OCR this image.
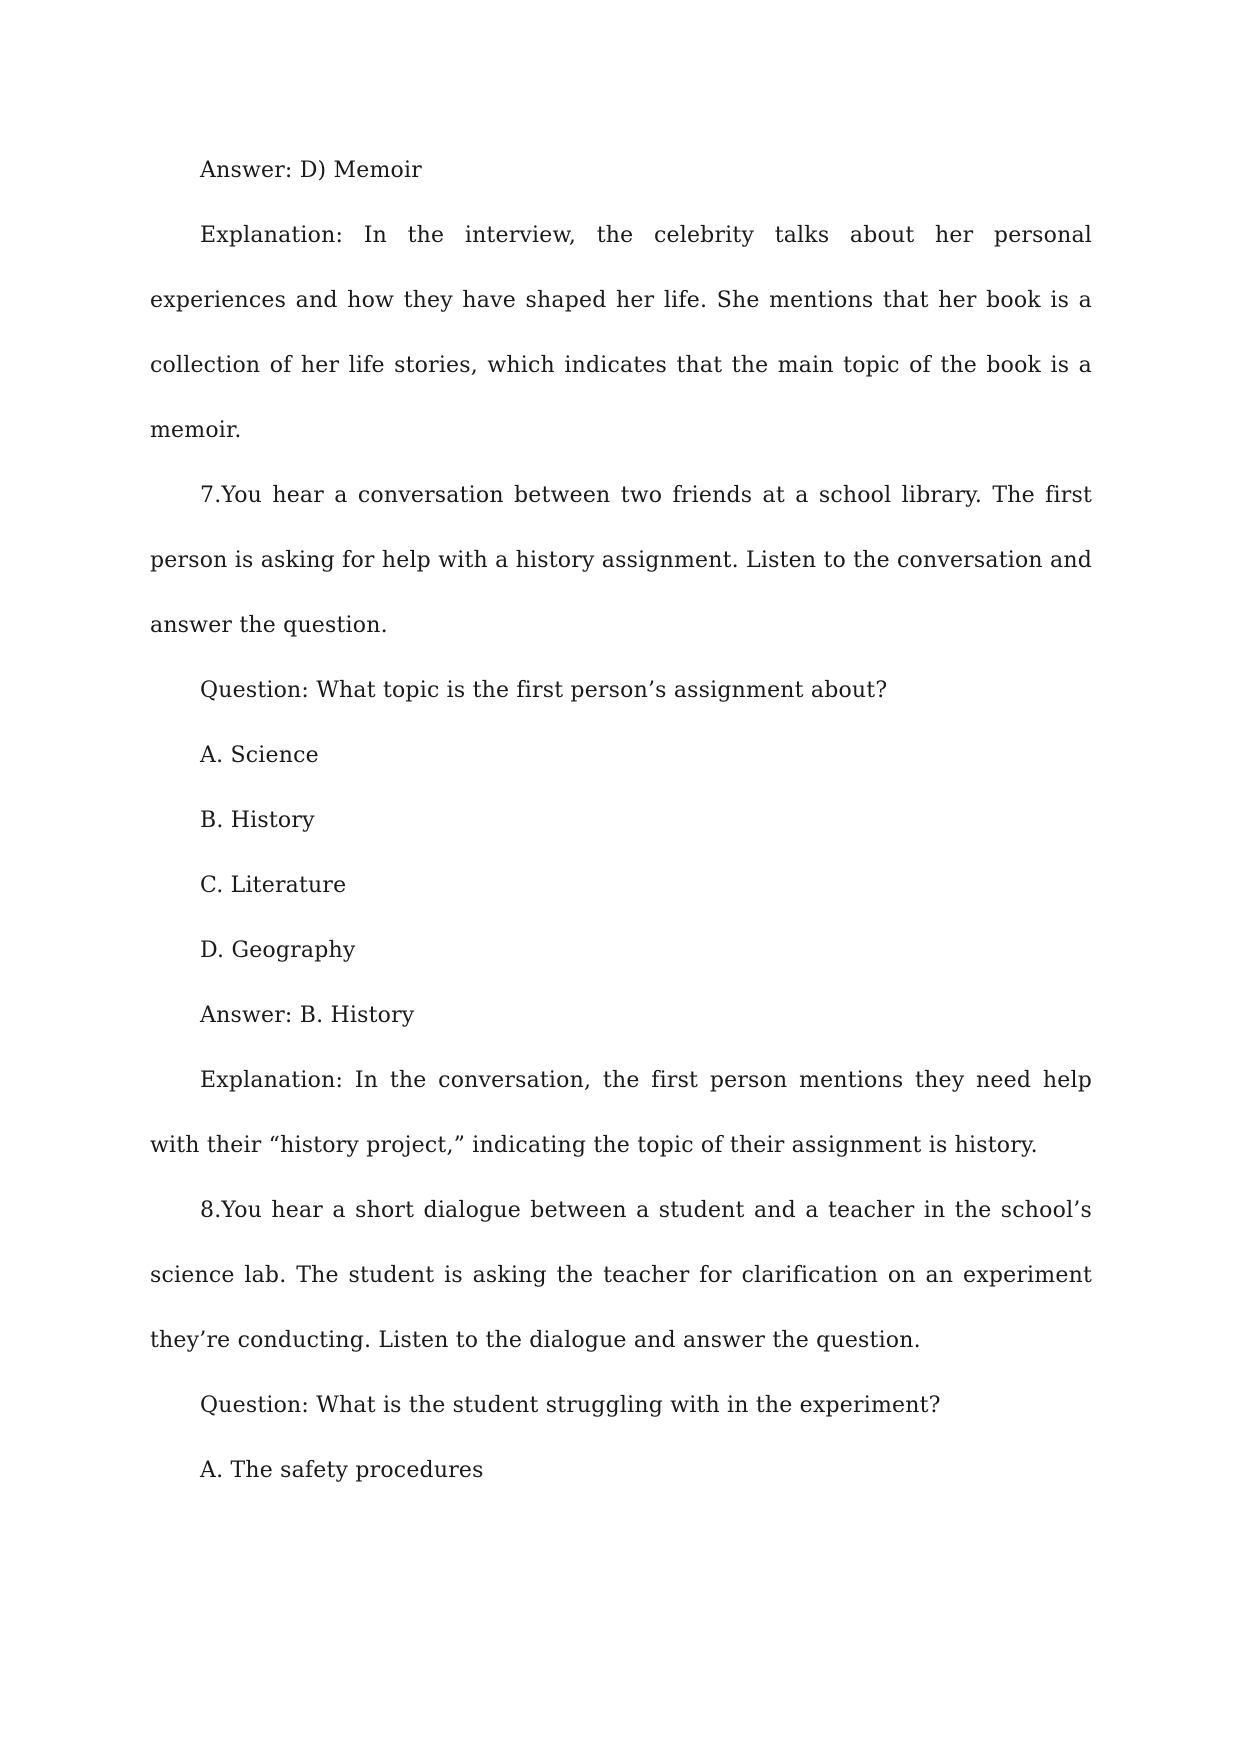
Answer: D) Memoir

Explanation: In the interview, the celebrity talks about her personal experiences and how they have shaped her life. She mentions that her book is a collection of her life stories, which indicates that the main topic of the book is a memoir.

7.You hear a conversation between two friends at a school library. The first person is asking for help with a history assignment. Listen to the conversation and answer the question.

Question: What topic is the first person’s assignment about?

A. Science

B. History

C. Literature

D. Geography

Answer: B. History

Explanation: In the conversation, the first person mentions they need help with their “history project,” indicating the topic of their assignment is history.

8.You hear a short dialogue between a student and a teacher in the school’s science lab. The student is asking the teacher for clarification on an experiment they’re conducting. Listen to the dialogue and answer the question.

Question: What is the student struggling with in the experiment?

A. The safety procedures
